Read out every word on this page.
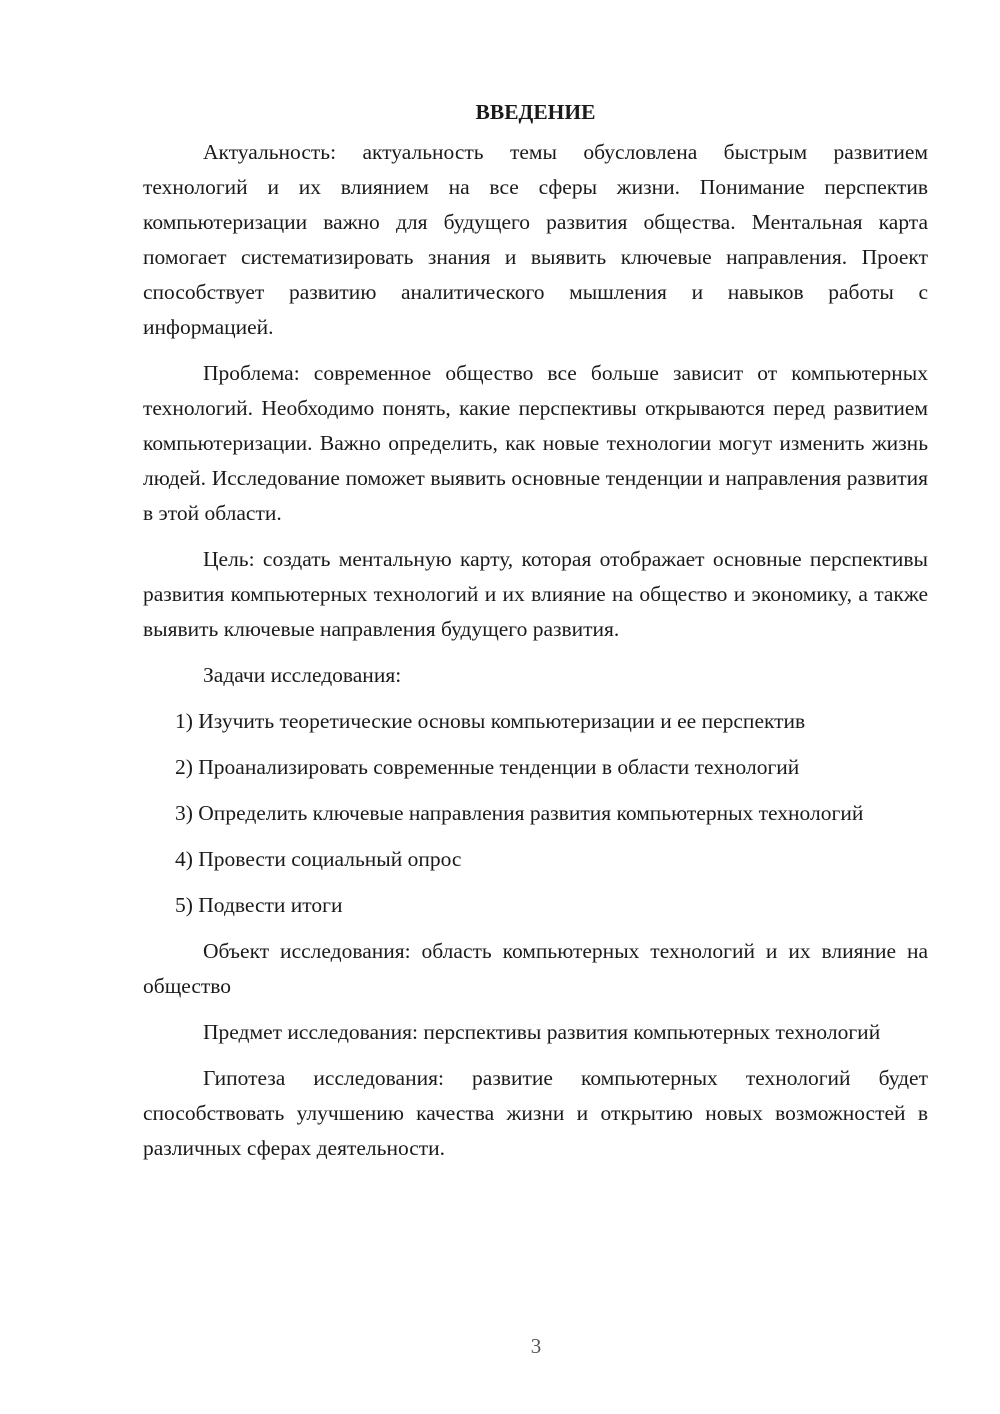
ВВЕДЕНИЕ

Актуальность: актуальность темы обусловлена быстрым развитием технологий и их влиянием на все сферы жизни. Понимание перспектив компьютеризации важно для будущего развития общества. Ментальная карта помогает систематизировать знания и выявить ключевые направления. Проект способствует развитию аналитического мышления и навыков работы с информацией.

Проблема: современное общество все больше зависит от компьютерных технологий. Необходимо понять, какие перспективы открываются перед развитием компьютеризации. Важно определить, как новые технологии могут изменить жизнь людей. Исследование поможет выявить основные тенденции и направления развития в этой области.

Цель: создать ментальную карту, которая отображает основные перспективы развития компьютерных технологий и их влияние на общество и экономику, а также выявить ключевые направления будущего развития.

Задачи исследования:

1) Изучить теоретические основы компьютеризации и ее перспектив

2) Проанализировать современные тенденции в области технологий

3) Определить ключевые направления развития компьютерных технологий

4) Провести социальный опрос

5) Подвести итоги

Объект исследования: область компьютерных технологий и их влияние на общество

Предмет исследования: перспективы развития компьютерных технологий

Гипотеза исследования: развитие компьютерных технологий будет способствовать улучшению качества жизни и открытию новых возможностей в различных сферах деятельности.

3
